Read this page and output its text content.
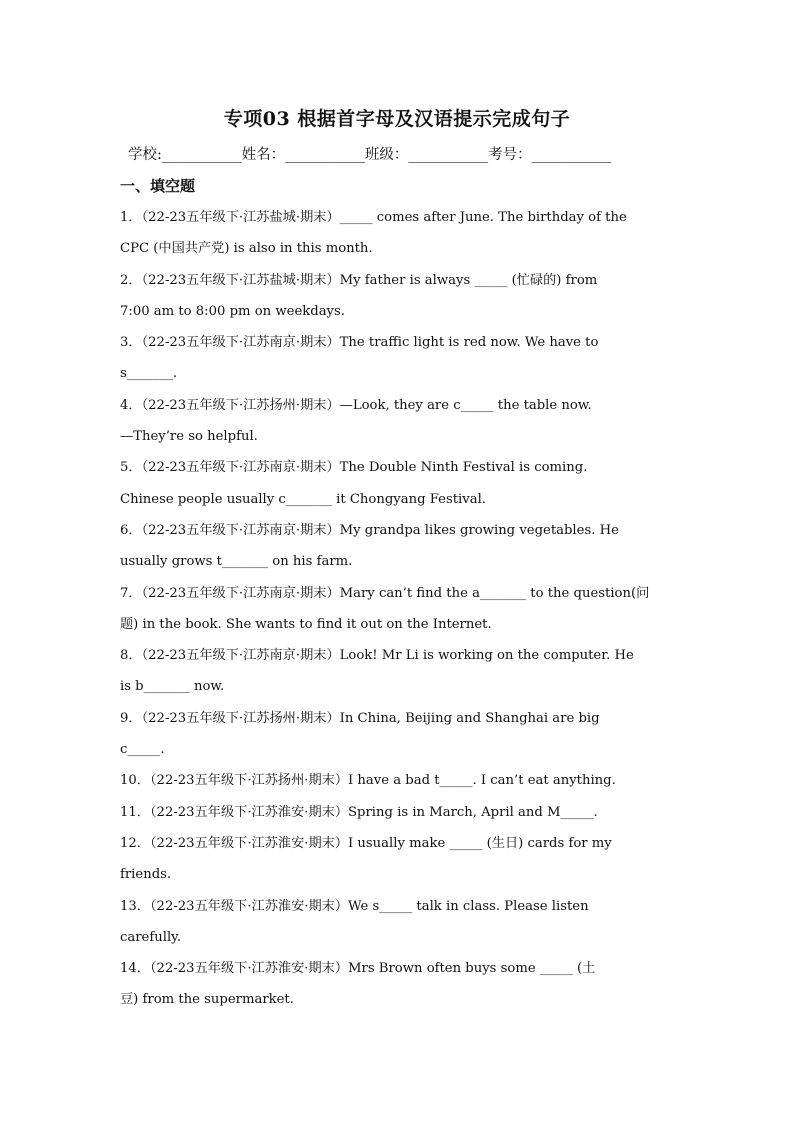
专项03 根据首字母及汉语提示完成句子
学校:___________姓名：___________班级：___________考号：___________
一、填空题
1．（22-23五年级下·江苏盐城·期末）_____ comes after June. The birthday of the
CPC (中国共产党) is also in this month.
2．（22-23五年级下·江苏盐城·期末）My father is always _____ (忙碌的) from
7:00 am to 8:00 pm on weekdays.
3．（22-23五年级下·江苏南京·期末）The traffic light is red now. We have to
s_______.
4．（22-23五年级下·江苏扬州·期末）—Look, they are c_____ the table now.
—They’re so helpful.
5．（22-23五年级下·江苏南京·期末）The Double Ninth Festival is coming.
Chinese people usually c_______ it Chongyang Festival.
6．（22-23五年级下·江苏南京·期末）My grandpa likes growing vegetables. He
usually grows t_______ on his farm.
7．（22-23五年级下·江苏南京·期末）Mary can’t find the a_______ to the question(问
题) in the book. She wants to find it out on the Internet.
8．（22-23五年级下·江苏南京·期末）Look! Mr Li is working on the computer. He
is b_______ now.
9．（22-23五年级下·江苏扬州·期末）In China, Beijing and Shanghai are big
c_____.
10．（22-23五年级下·江苏扬州·期末）I have a bad t_____. I can’t eat anything.
11．（22-23五年级下·江苏淮安·期末）Spring is in March, April and M_____.
12．（22-23五年级下·江苏淮安·期末）I usually make _____ (生日) cards for my
friends.
13．（22-23五年级下·江苏淮安·期末）We s_____ talk in class. Please listen
carefully.
14．（22-23五年级下·江苏淮安·期末）Mrs Brown often buys some _____ (土
豆) from the supermarket.
